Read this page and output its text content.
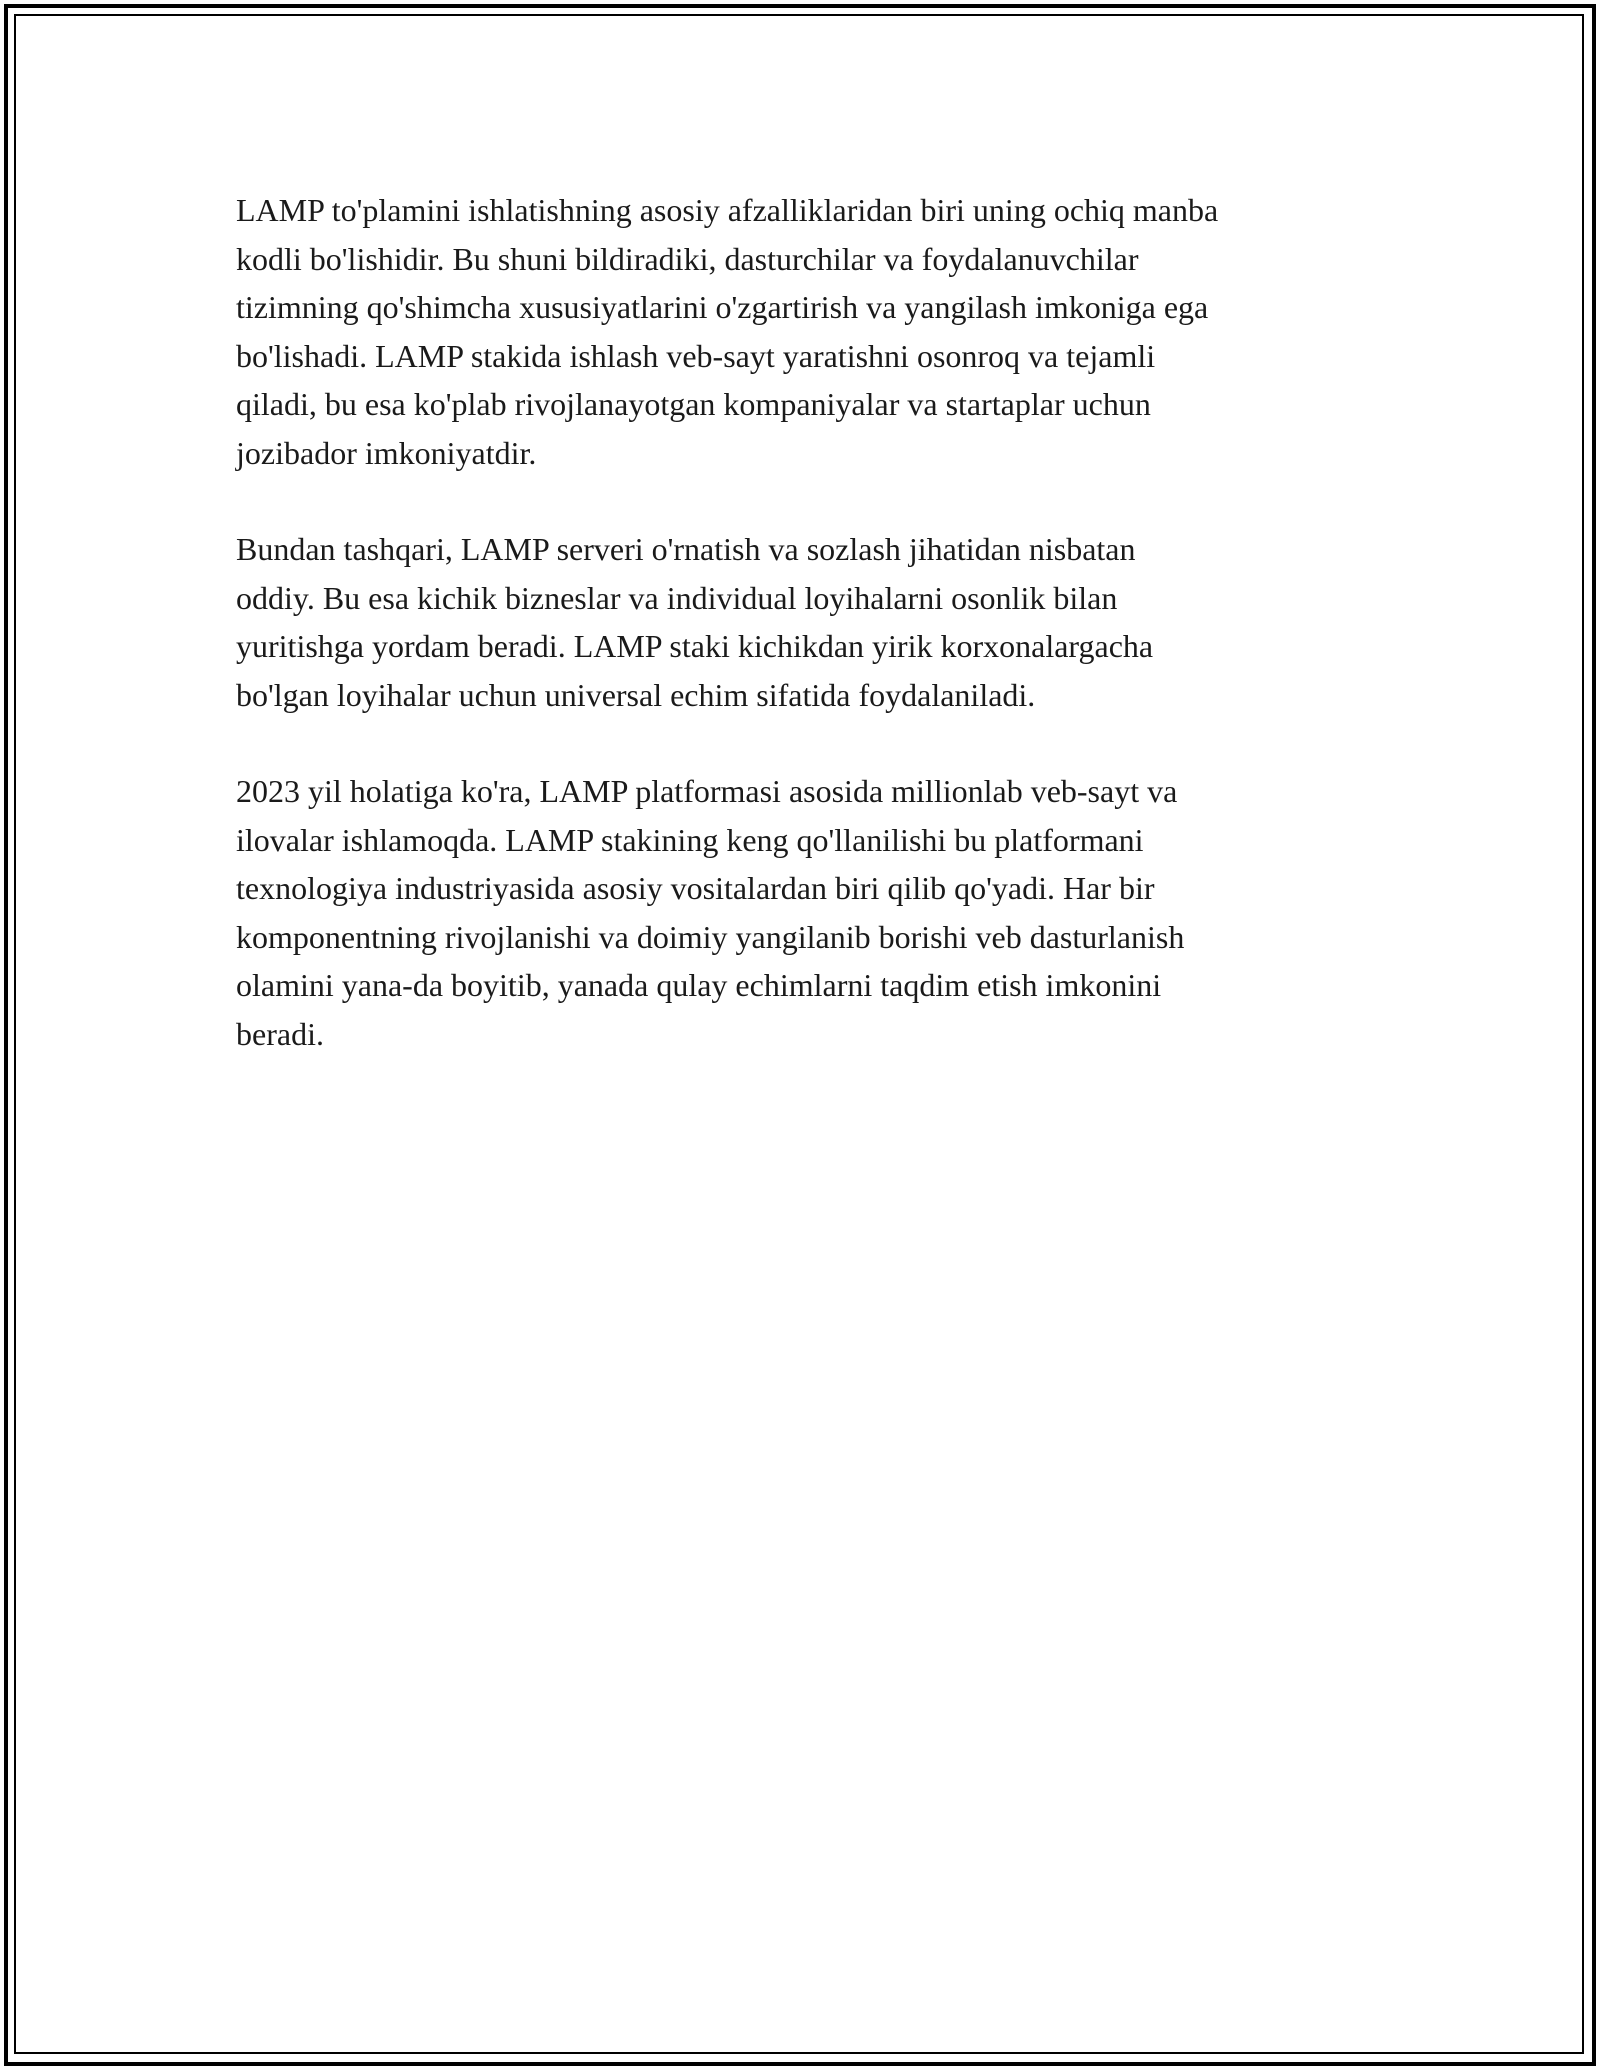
LAMP to'plamini ishlatishning asosiy afzalliklaridan biri uning ochiq manba
kodli bo'lishidir. Bu shuni bildiradiki, dasturchilar va foydalanuvchilar
tizimning qo'shimcha xususiyatlarini o'zgartirish va yangilash imkoniga ega
bo'lishadi. LAMP stakida ishlash veb-sayt yaratishni osonroq va tejamli
qiladi, bu esa ko'plab rivojlanayotgan kompaniyalar va startaplar uchun
jozibador imkoniyatdir.

Bundan tashqari, LAMP serveri o'rnatish va sozlash jihatidan nisbatan
oddiy. Bu esa kichik bizneslar va individual loyihalarni osonlik bilan
yuritishga yordam beradi. LAMP staki kichikdan yirik korxonalargacha
bo'lgan loyihalar uchun universal echim sifatida foydalaniladi.

2023 yil holatiga ko'ra, LAMP platformasi asosida millionlab veb-sayt va
ilovalar ishlamoqda. LAMP stakining keng qo'llanilishi bu platformani
texnologiya industriyasida asosiy vositalardan biri qilib qo'yadi. Har bir
komponentning rivojlanishi va doimiy yangilanib borishi veb dasturlanish
olamini yana-da boyitib, yanada qulay echimlarni taqdim etish imkonini
beradi.
